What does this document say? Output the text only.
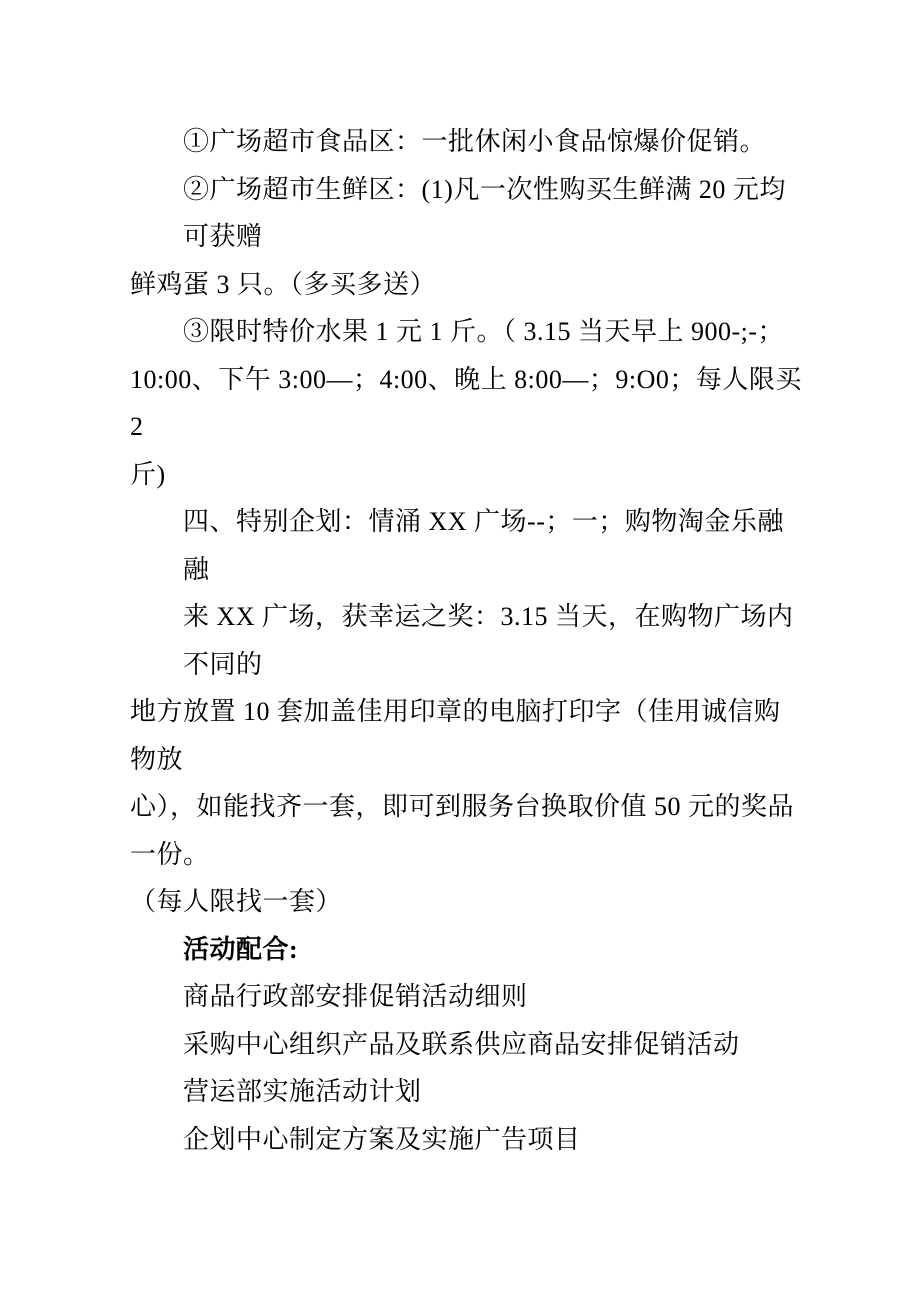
①广场超市食品区：一批休闲小食品惊爆价促销。

②广场超市生鲜区：(1)凡一次性购买生鲜满 20 元均可获赠

鲜鸡蛋 3 只。（多买多送）

③限时特价水果 1 元 1 斤。（ 3.15 当天早上 900-;-；

10:00、下午 3:00—；4:00、晚上 8:00—；9:O0；每人限买 2

斤)

四、特别企划：情涌 XX 广场--；一；购物淘金乐融融

来 XX 广场，获幸运之奖：3.15 当天，在购物广场内不同的

地方放置 10 套加盖佳用印章的电脑打印字（佳用诚信购物放

心），如能找齐一套，即可到服务台换取价值 50 元的奖品一份。

（每人限找一套）

活动配合:

商品行政部安排促销活动细则

采购中心组织产品及联系供应商品安排促销活动

营运部实施活动计划

企划中心制定方案及实施广告项目
